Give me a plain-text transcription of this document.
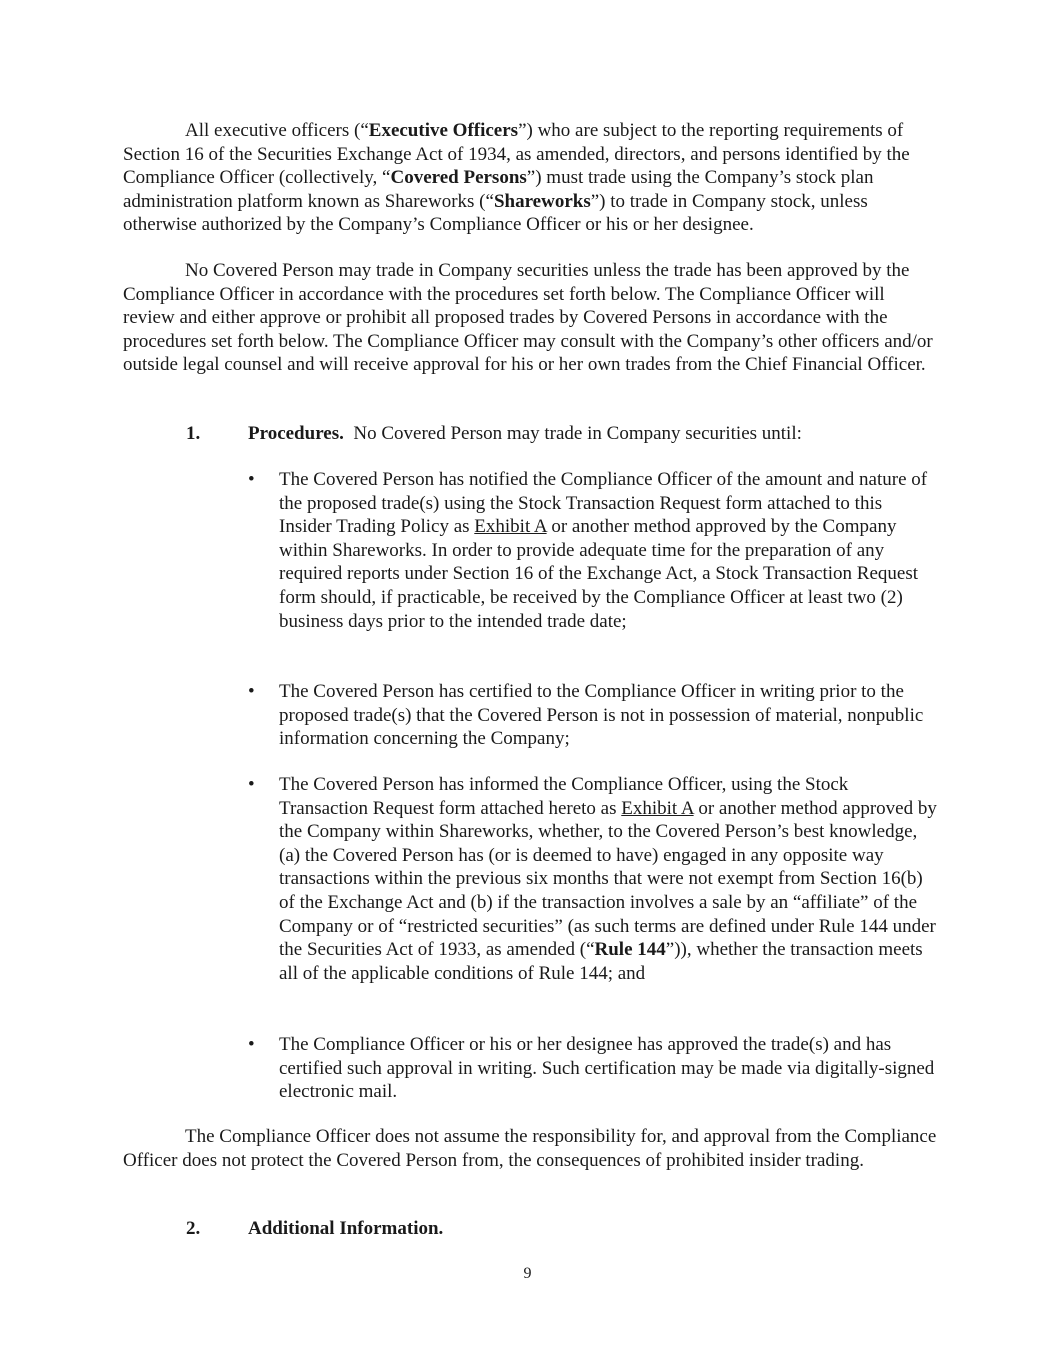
All executive officers (“Executive Officers”) who are subject to the reporting requirements of Section 16 of the Securities Exchange Act of 1934, as amended, directors, and persons identified by the Compliance Officer (collectively, “Covered Persons”) must trade using the Company’s stock plan administration platform known as Shareworks (“Shareworks”) to trade in Company stock, unless otherwise authorized by the Company’s Compliance Officer or his or her designee.

No Covered Person may trade in Company securities unless the trade has been approved by the Compliance Officer in accordance with the procedures set forth below. The Compliance Officer will review and either approve or prohibit all proposed trades by Covered Persons in accordance with the procedures set forth below. The Compliance Officer may consult with the Company’s other officers and/or outside legal counsel and will receive approval for his or her own trades from the Chief Financial Officer.

1.	Procedures.  No Covered Person may trade in Company securities until:

•	The Covered Person has notified the Compliance Officer of the amount and nature of the proposed trade(s) using the Stock Transaction Request form attached to this Insider Trading Policy as Exhibit A or another method approved by the Company within Shareworks. In order to provide adequate time for the preparation of any required reports under Section 16 of the Exchange Act, a Stock Transaction Request form should, if practicable, be received by the Compliance Officer at least two (2) business days prior to the intended trade date;
•	The Covered Person has certified to the Compliance Officer in writing prior to the proposed trade(s) that the Covered Person is not in possession of material, nonpublic information concerning the Company;
•	The Covered Person has informed the Compliance Officer, using the Stock Transaction Request form attached hereto as Exhibit A or another method approved by the Company within Shareworks, whether, to the Covered Person’s best knowledge, (a) the Covered Person has (or is deemed to have) engaged in any opposite way transactions within the previous six months that were not exempt from Section 16(b) of the Exchange Act and (b) if the transaction involves a sale by an “affiliate” of the Company or of “restricted securities” (as such terms are defined under Rule 144 under the Securities Act of 1933, as amended (“Rule 144”)), whether the transaction meets all of the applicable conditions of Rule 144; and
•	The Compliance Officer or his or her designee has approved the trade(s) and has certified such approval in writing. Such certification may be made via digitally-signed electronic mail.

The Compliance Officer does not assume the responsibility for, and approval from the Compliance Officer does not protect the Covered Person from, the consequences of prohibited insider trading.

2.	Additional Information.

9
